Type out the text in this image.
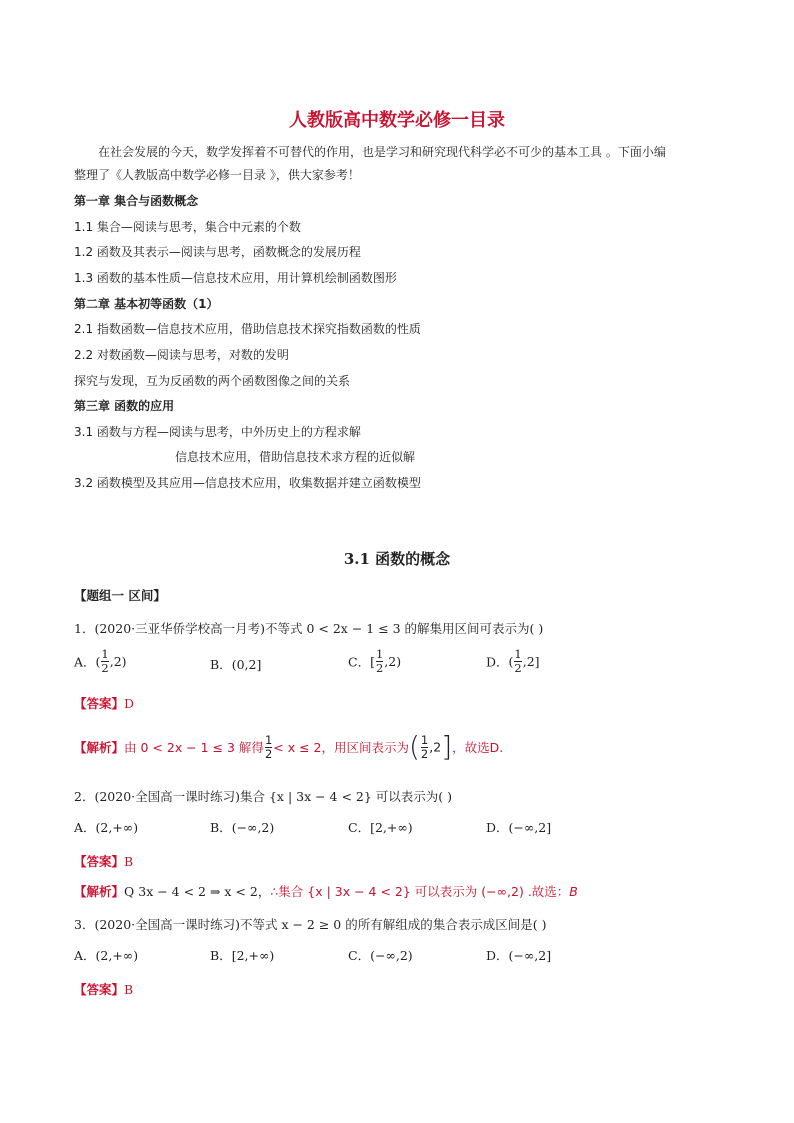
人教版高中数学必修一目录
在社会发展的今天，数学发挥着不可替代的作用，也是学习和研究现代科学必不可少的基本工具 。下面小编
整理了《人教版高中数学必修一目录 》，供大家参考！
第一章 集合与函数概念
1.1 集合—阅读与思考，集合中元素的个数
1.2 函数及其表示—阅读与思考，函数概念的发展历程
1.3 函数的基本性质—信息技术应用，用计算机绘制函数图形
第二章 基本初等函数（1）
2.1 指数函数—信息技术应用，借助信息技术探究指数函数的性质
2.2 对数函数—阅读与思考，对数的发明
探究与发现，互为反函数的两个函数图像之间的关系
第三章 函数的应用
3.1 函数与方程—阅读与思考，中外历史上的方程求解
信息技术应用，借助信息技术求方程的近似解
3.2 函数模型及其应用—信息技术应用，收集数据并建立函数模型
3.1 函数的概念
【题组一 区间】
1．(2020·三亚华侨学校高一月考)不等式 0 < 2x − 1 ≤ 3 的解集用区间可表示为( )
A．( $\frac{1}{2} ,2$)	B．(0,2]	C．[ $\frac{1}{2} ,2$)	D．( $\frac{1}{2} ,2$]
【答案】D
【解析】由 0 < 2x − 1 ≤ 3 解得 $\frac{1}{2} < x \le 2$，用区间表示为( $\frac{1}{2} ,2$]，故选D.
2．(2020·全国高一课时练习)集合 {x | 3x − 4 < 2} 可以表示为( )
A．(2,+∞)	B．(−∞,2)	C．[2,+∞)	D．(−∞,2]
【答案】B
【解析】Q 3x − 4 < 2 ⇒ x < 2，∴集合 {x | 3x − 4 < 2} 可以表示为 (−∞,2) .故选：B
3．(2020·全国高一课时练习)不等式 x − 2 ≥ 0 的所有解组成的集合表示成区间是( )
A．(2,+∞)	B．[2,+∞)	C．(−∞,2)	D．(−∞,2]
【答案】B
